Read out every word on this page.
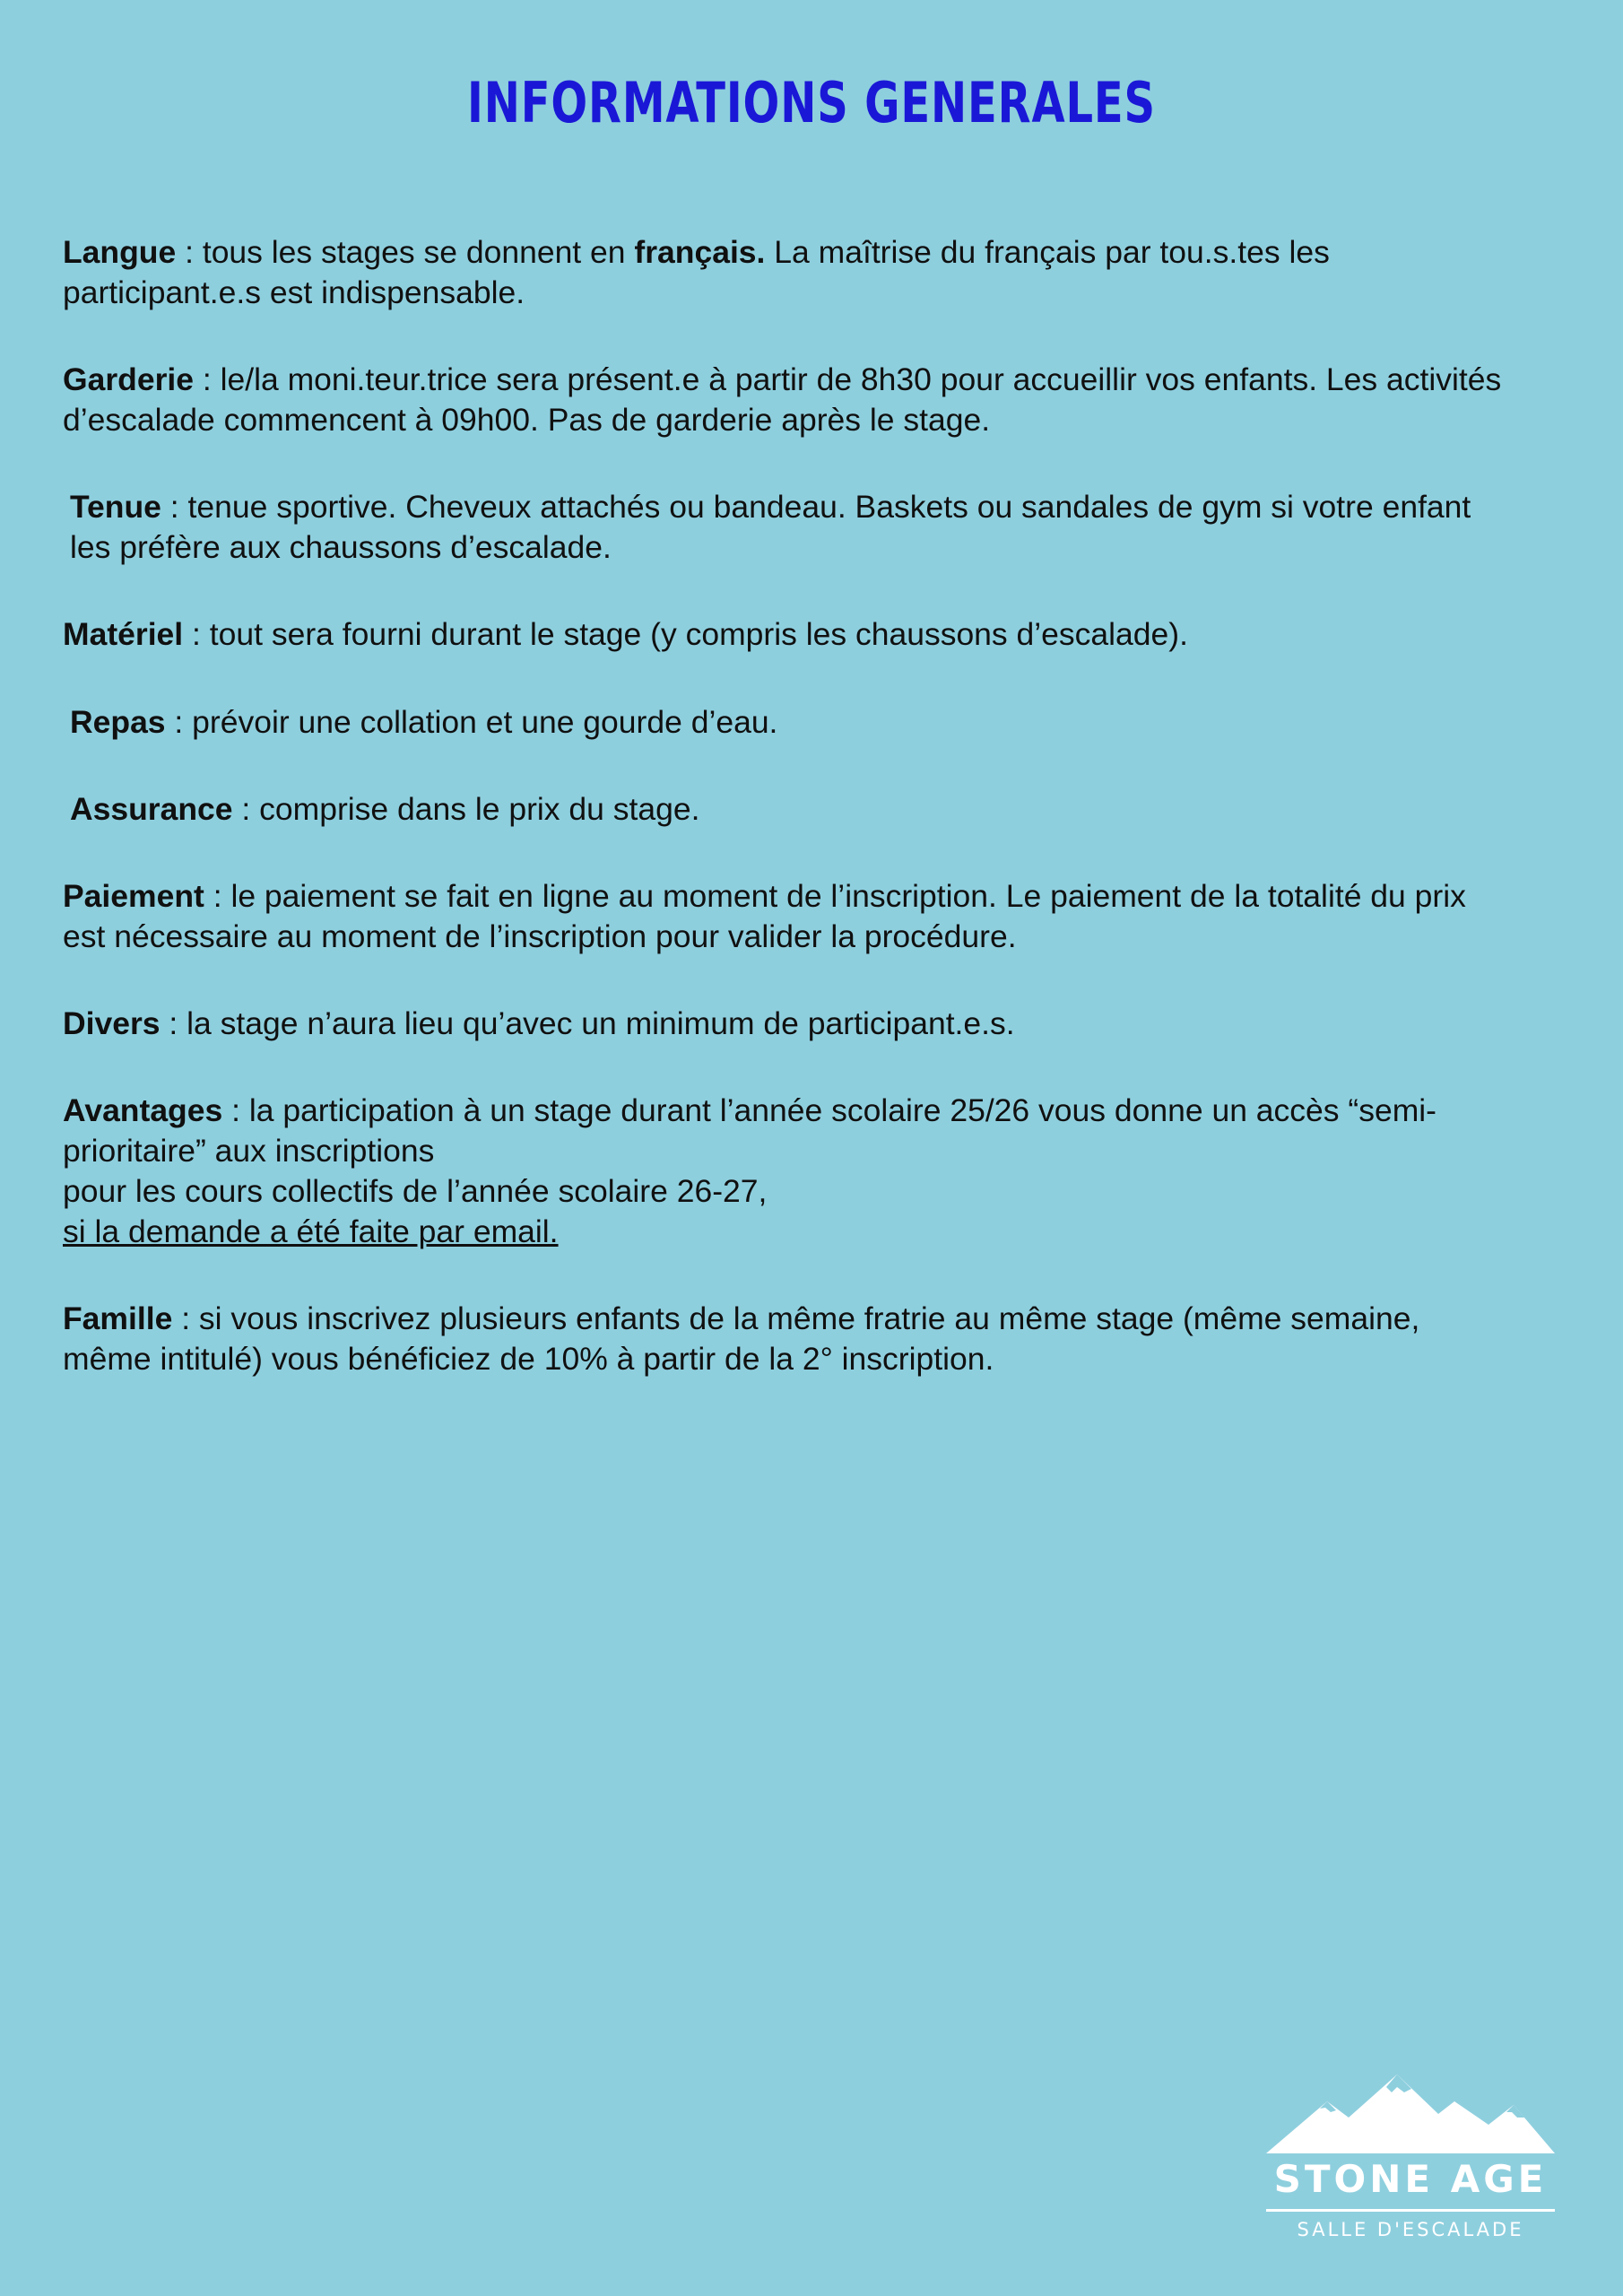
INFORMATIONS GENERALES

Langue : tous les stages se donnent en français. La maîtrise du français par tou.s.tes les participant.e.s est indispensable.

Garderie : le/la moni.teur.trice sera présent.e à partir de 8h30 pour accueillir vos enfants. Les activités d’escalade commencent à 09h00. Pas de garderie après le stage.

Tenue : tenue sportive. Cheveux attachés ou bandeau. Baskets ou sandales de gym si votre enfant les préfère aux chaussons d’escalade.

Matériel : tout sera fourni durant le stage (y compris les chaussons d’escalade).

Repas : prévoir une collation et une gourde d’eau.

Assurance : comprise dans le prix du stage.

Paiement : le paiement se fait en ligne au moment de l’inscription. Le paiement de la totalité du prix est nécessaire au moment de l’inscription pour valider la procédure.

Divers : la stage n’aura lieu qu’avec un minimum de participant.e.s.

Avantages : la participation à un stage durant l’année scolaire 25/26 vous donne un accès “semi-prioritaire” aux inscriptions
pour les cours collectifs de l’année scolaire 26-27,
si la demande a été faite par email.

Famille : si vous inscrivez plusieurs enfants de la même fratrie au même stage (même semaine, même intitulé) vous bénéficiez de 10% à partir de la 2° inscription.

STONE AGE
SALLE D'ESCALADE
